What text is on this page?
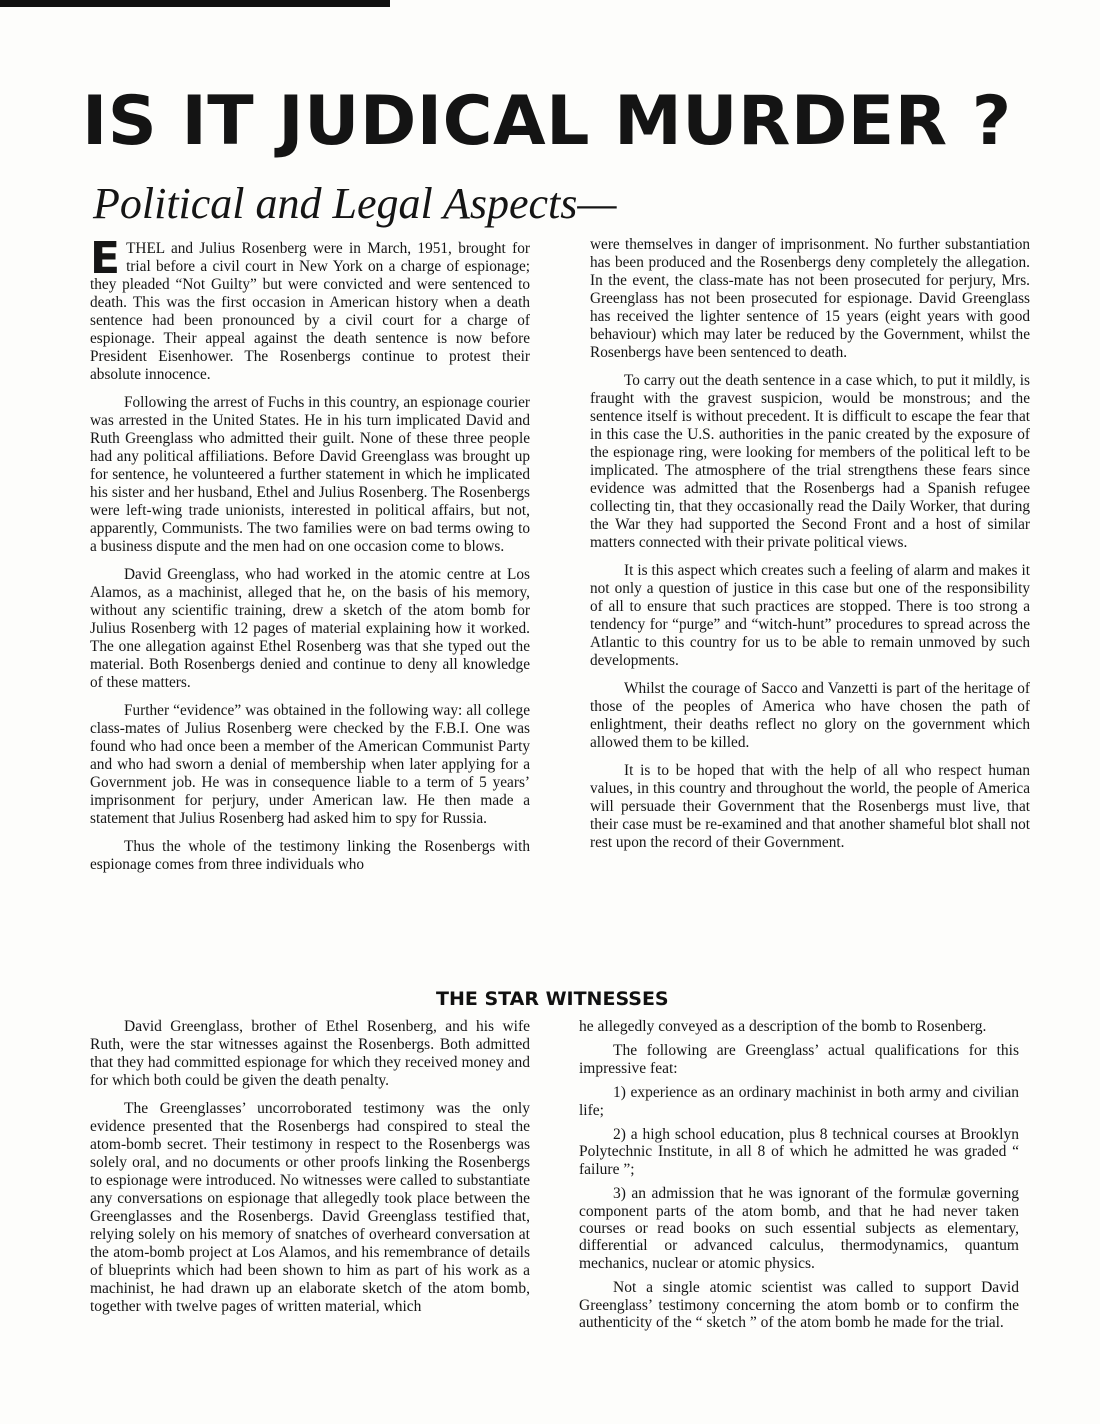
IS IT JUDICAL MURDER ?
Political and Legal Aspects—

ETHEL and Julius Rosenberg were in March, 1951, brought for trial before a civil court in New York on a charge of espionage; they pleaded “Not Guilty” but were convicted and were sentenced to death. This was the first occasion in American history when a death sentence had been pronounced by a civil court for a charge of espionage. Their appeal against the death sentence is now before President Eisenhower. The Rosenbergs continue to protest their absolute innocence.

Following the arrest of Fuchs in this country, an espionage courier was arrested in the United States. He in his turn implicated David and Ruth Greenglass who admitted their guilt. None of these three people had any political affiliations. Before David Greenglass was brought up for sentence, he volunteered a further statement in which he implicated his sister and her husband, Ethel and Julius Rosenberg. The Rosenbergs were left-wing trade unionists, interested in political affairs, but not, apparently, Communists. The two families were on bad terms owing to a business dispute and the men had on one occasion come to blows.

David Greenglass, who had worked in the atomic centre at Los Alamos, as a machinist, alleged that he, on the basis of his memory, without any scientific training, drew a sketch of the atom bomb for Julius Rosenberg with 12 pages of material explaining how it worked. The one allegation against Ethel Rosenberg was that she typed out the material. Both Rosenbergs denied and continue to deny all knowledge of these matters.

Further “evidence” was obtained in the following way: all college class-mates of Julius Rosenberg were checked by the F.B.I. One was found who had once been a member of the American Communist Party and who had sworn a denial of membership when later applying for a Government job. He was in consequence liable to a term of 5 years’ imprisonment for perjury, under American law. He then made a statement that Julius Rosenberg had asked him to spy for Russia.

Thus the whole of the testimony linking the Rosenbergs with espionage comes from three individuals who

were themselves in danger of imprisonment. No further substantiation has been produced and the Rosenbergs deny completely the allegation. In the event, the class-mate has not been prosecuted for perjury, Mrs. Greenglass has not been prosecuted for espionage. David Greenglass has received the lighter sentence of 15 years (eight years with good behaviour) which may later be reduced by the Government, whilst the Rosenbergs have been sentenced to death.

To carry out the death sentence in a case which, to put it mildly, is fraught with the gravest suspicion, would be monstrous; and the sentence itself is without precedent. It is difficult to escape the fear that in this case the U.S. authorities in the panic created by the exposure of the espionage ring, were looking for members of the political left to be implicated. The atmosphere of the trial strengthens these fears since evidence was admitted that the Rosenbergs had a Spanish refugee collecting tin, that they occasionally read the Daily Worker, that during the War they had supported the Second Front and a host of similar matters connected with their private political views.

It is this aspect which creates such a feeling of alarm and makes it not only a question of justice in this case but one of the responsibility of all to ensure that such practices are stopped. There is too strong a tendency for “purge” and “witch-hunt” procedures to spread across the Atlantic to this country for us to be able to remain unmoved by such developments.

Whilst the courage of Sacco and Vanzetti is part of the heritage of those of the peoples of America who have chosen the path of enlightment, their deaths reflect no glory on the government which allowed them to be killed.

It is to be hoped that with the help of all who respect human values, in this country and throughout the world, the people of America will persuade their Government that the Rosenbergs must live, that their case must be re-examined and that another shameful blot shall not rest upon the record of their Government.

THE STAR WITNESSES

David Greenglass, brother of Ethel Rosenberg, and his wife Ruth, were the star witnesses against the Rosenbergs. Both admitted that they had committed espionage for which they received money and for which both could be given the death penalty.

The Greenglasses’ uncorroborated testimony was the only evidence presented that the Rosenbergs had conspired to steal the atom-bomb secret. Their testimony in respect to the Rosenbergs was solely oral, and no documents or other proofs linking the Rosenbergs to espionage were introduced. No witnesses were called to substantiate any conversations on espionage that allegedly took place between the Greenglasses and the Rosenbergs. David Greenglass testified that, relying solely on his memory of snatches of overheard conversation at the atom-bomb project at Los Alamos, and his remembrance of details of blueprints which had been shown to him as part of his work as a machinist, he had drawn up an elaborate sketch of the atom bomb, together with twelve pages of written material, which

he allegedly conveyed as a description of the bomb to Rosenberg.

The following are Greenglass’ actual qualifications for this impressive feat:

1) experience as an ordinary machinist in both army and civilian life;

2) a high school education, plus 8 technical courses at Brooklyn Polytechnic Institute, in all 8 of which he admitted he was graded “ failure ”;

3) an admission that he was ignorant of the formulæ governing component parts of the atom bomb, and that he had never taken courses or read books on such essential subjects as elementary, differential or advanced calculus, thermodynamics, quantum mechanics, nuclear or atomic physics.

Not a single atomic scientist was called to support David Greenglass’ testimony concerning the atom bomb or to confirm the authenticity of the “ sketch ” of the atom bomb he made for the trial.
